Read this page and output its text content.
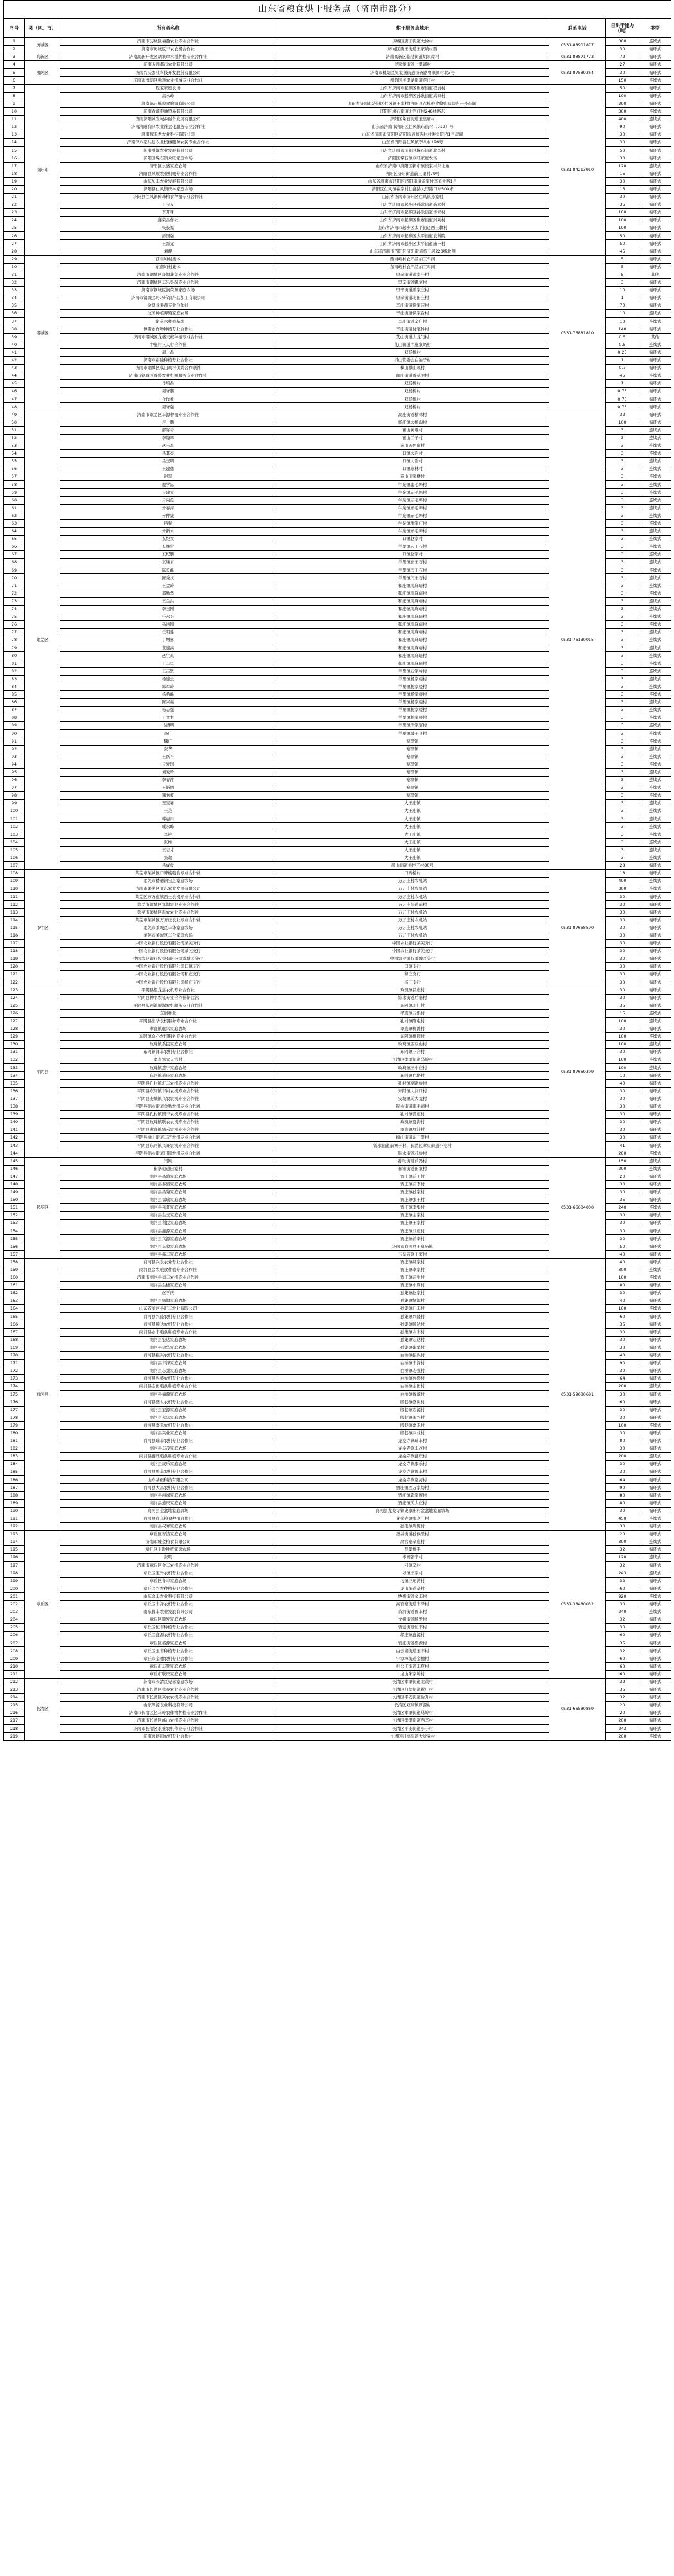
山东省粮食烘干服务点（济南市部分）						
序号	县（区、市）	所有者名称	烘干服务点地址	联系电话	日烘干能力（吨）	类型
1	历城区	济南市历城区福盈农业专业合作社	历城区唐王街道大徐村	0531-88901877	300	连续式
2		济南市历城区丰农农机合作社	历城区唐王街道王家坡村西		30	循环式
3	高新区	济南高新开发区胡家岸水稻种植专业合作社	济南高新区临港街道胡家岸村	0531-88871773	72	循环式
4	槐荫区	济南五洲都市农业有限公司	吴家堡街道七里铺村	0531-87589364	27	循环式
5		济南兴沃农业科技开发股份有限公司	济南市槐荫区吴家堡街道济齐路曹家圈村北3号		30	循环式
6		济南市槐荫区舜耕农业机械专业合作社	槐荫区美里湖街道范庄村		150	连续式
7	济阳市	程家家庭农场	山东省济南市起步区崔寨街道程袁村	0531-84213910	50	循环式
8		高永峰	山东省济南市起步区孙耿街道高家村		100	循环式
9		济南陈召栋粮食购销有限公司	山东省济南市济阳区仁风镇王家村(济阳县召栋粮食收购站院内一号车间)		200	循环式
10		济南春源粮油贸易有限公司	济阳区垛石街道北官庄村248线路东		300	连续式
11		济南济阳城发城乡融合发展有限公司	济阳区垛石街道玉皇庙村		400	连续式
12		济南济阳润泽农业社会化服务专业合作社	山东省济南市济阳区仁风镇东街村（919）号		90	循环式
13		济南稼禾香农业科技有限公司	山东省济南市济阳区济阳街道葛店村村委会院内1号房间		30	循环式
14		济南李八家共建农业机械服务农民专业合作社	山东省济阳县仁风镇李八村196号		30	循环式
15		济南胜源农业发展有限公司	山东省济南市济阳区垛石街道北辛村		50	循环式
16		济阳区垛石镇众旺家庭农场	济阳区垛石镇众旺家庭农场		30	循环式
17		济阳区永盛家庭农场	山东省济南市济阳区新市镇段家村东北角		120	连续式
18		济阳县风顺农业机械专业合作社	济阳区济阳街道前三里村79号		15	循环式
19		山东旭丰农业发展有限公司	山东省济南市济阳区济阳街道孟家村李美生路1号		30	循环式
20		济阳县仁风镇庆林家庭农场	济阳区仁风镇翟家村仁鑫路大里路口东500米		15	循环式
21		济阳县仁风镇传珠粮食种植专业合作社	山东省济南市济阳区仁风镇孙家村		30	循环式
22		王宝友	山东省济南市起步区孙耿街道高家村		35	循环式
23		李开珠	山东省济南市起步区孙耿街道卞家村		100	循环式
24		鑫荣合作社	山东省济南市起步区崔寨街道封刘村		100	循环式
25		张长福	山东省济南市起步区太平街道西三教村		100	循环式
26		彭国强	山东省济南市起步区太平街道农科院		50	循环式
27		王晋元	山东省济南市起步区太平街道庙一村		50	循环式
28		刘静	山东省济南市济阳区济阳街道苟王居220线北侧		45	循环式
29	钢城区	西当峪村集体	西当峪村农产品加工车间	0531-76881810	5	循环式
30		东南峪村集体	东南峪村农产品加工车间		5	循环式
31		济南市钢城区康源蔬菜专业合作社	里辛街道黄家洼村		5	其他
32		济南市钢城区丰乐果蔬专业合作社	里辛街道瓤萝村		3	循环式
33		济南市钢城区润荣源家庭农场	里辛街道潘家庄村		10	循环式
34		济南市钢城区巧巧乐农产品加工有限公司	里辛街道北田庄村		1	循环式
35		金盘龙果蔬专业合作社	辛庄街道徐家店村		70	循环式
36		汶园种植养殖家庭农场	辛庄街道侯家台村		10	连续式
37		一诺苗木种植基地	辛庄街道辛庄村		10	连续式
38		傅雷农作物种植专业合作社	辛庄街道付宅科村		140	循环式
39		济南市钢城区龙盛天椒种植专业合作社	艾山街道大龙门村		0.5	其他
40		中施村三人行合作社	艾山街道中施家峪村		0.5	连续式
41		周士昌	双杨桥村		0.25	循环式
42		济南市裕隆种植专业合作社	棋山管委会白冶子村		1	循环式
43		济南市钢城区棋山观村供销合作联社	棋山棋山观村		0.7	循环式
44		济南市钢城区莲盛农业机械服务专业合作社	颜庄街道莲花池村		45	连续式
45		肖培昌	双杨桥村		1	循环式
46		周守鹏	双杨桥村		0.75	循环式
47		合作社	双杨桥村		0.75	循环式
48		周守强	双杨桥村		0.75	循环式
49	莱芜区	济南市莱芜区丰源种植专业合作社	高庄街道榆林村	0531-76130015	32	循环式
50		卢士鹏	杨庄镇大桥沟村		100	循环式
51		邵际奇	苗山灰堆村		3	连续式
52		李隆翠	苗山兰子村		3	连续式
53		赵玉昌	苗山五色崖村		3	连续式
54		吕其亮	口镇大冶村		3	连续式
55		吕玉明	口镇大冶村		3	连续式
56		王建德	口镇陈林村		3	连续式
57		赵军	苗山田家楼村		3	连续式
58		鹿学忠	牛泉镇鹿毛埠村		3	连续式
59		亓建立	牛泉镇亓毛埠村		3	连续式
60		亓向伦	牛泉镇亓毛埠村		3	连续式
61		亓春海	牛泉镇亓毛埠村		3	连续式
62		亓仲诚	牛泉镇亓毛埠村		3	连续式
63		吕强	牛泉镇蒲家庄村		3	连续式
64		亓新水	牛泉镇亓毛埠村		3	连续式
65		玄纪文	口镇赵家村		3	连续式
66		玄继常	羊里镇玄王石村		3	连续式
67		玄纪鹏	口镇赵家村		3	连续式
68		玄继青	羊里镇玄王石村		3	连续式
69		陈长峰	羊里镇闫王石村		3	连续式
70		陈秀文	羊里镇闫王石村		3	连续式
71		王金玲	和庄镇南麻峪村		3	连续式
72		邢勤华	和庄镇南麻峪村		3	连续式
73		王金洪	和庄镇南麻峪村		3	连续式
74		李玉刚	和庄镇南麻峪村		3	连续式
75		任永兴	和庄镇南麻峪村		3	连续式
76		孙洪刚	和庄镇南麻峪村		3	连续式
77		任明建	和庄镇南麻峪村		3	连续式
78		丁增勇	和庄镇南麻峪村		3	连续式
79		董建高	和庄镇南麻峪村		3	连续式
80		赵生东	和庄镇南麻峪村		3	连续式
81		王丰勇	和庄镇南麻峪村		3	连续式
82		王吉贤	羊里镇石家岭村		3	连续式
83		杨建云	羊里镇杨家楼村		3	连续式
84		郭军玲	羊里镇杨家楼村		3	连续式
85		杨希峰	羊里镇杨家楼村		3	连续式
86		陈兴福	羊里镇杨家楼村		3	连续式
87		杨志强	羊里镇杨家楼村		3	连续式
88		王文哲	羊里镇杨家楼村		3	连续式
89		马清明	羊里镇李家寨村		3	连续式
90		李广	羊里镇城子县村		3	连续式
91		魏广	寨里镇		3	连续式
92		张华	寨里镇		3	连续式
93		王跃平	寨里镇		3	连续式
94		亓爱国	寨里镇		3	连续式
95		刘爱玲	寨里镇		3	连续式
96		李春萍	寨里镇		3	连续式
97		王新明	寨里镇		3	连续式
98		魏秀枝	寨里镇		3	连续式
99		安宝祥	大王庄镇		3	连续式
100		王芝	大王庄镇		3	连续式
101		韩惠川	大王庄镇		3	连续式
102		嵊永峰	大王庄镇		3	连续式
103		李艳	大王庄镇		3	连续式
104		张维	大王庄镇		3	连续式
105		王志才	大王庄镇		3	连续式
106		张超	大王庄镇		3	连续式
107		吕成俊	颜山街道羊栏子村80号		28	循环式
108	市中区	莱芜市莱城区口碑楼粮食专业合作社	口碑楼村	0531-87668590	18	循环式
109		莱芜市楼德镇宝芝家庭农场	万万庄村农机站		400	连续式
110		济南市莱芜区亚东农业发展有限公司	万万庄村农机站		300	连续式
111		莱芜区万万庄镇西土农机专业合作社	万万庄村农机站		30	循环式
112		莱芜市莱城区富源农业专业合作社	万万庄街道前村		30	循环式
113		莱芜市莱城区新农农业专业合作社	万万庄村农机站		30	循环式
114		莱芜市莱城区万万庄农业专业合作社	万万庄村农机站		30	循环式
115		莱芜市莱城区丰华家庭农场	万万庄村农机站		30	循环式
116		莱芜市莱城区丰合家庭农场	万万庄村农机站		30	循环式
117		中国农业银行股份有限公司莱芜分行	中国农业银行莱芜分行		30	循环式
118		中国农业银行股份有限公司莱芜支行	中国农业银行莱芜支行		30	循环式
119		中国农业银行股份有限公司莱城区分行	中国农业银行莱城区分行		30	循环式
120		中国农业银行股份有限公司口镇支行	口镇支行		30	循环式
121		中国农业银行股份有限公司和庄支行	和庄支行		30	循环式
122		中国农业银行股份有限公司杨庄支行	杨庄支行		30	循环式
123	平阴县	平阴县望龙远农机专业合作社	玫瑰镇吕庄村	0531-87669399	30	循环式
124		平阴县神平农机专业合作社靳启铭	锦水街道后寨村		30	循环式
125		平阴县东阿镇顺源农机服务专业合作社	东阿镇北门村		35	循环式
126		东润种业	孝直镇亓集村		15	连续式
127		平阴县润华农机服务专业合作社	孔村镇陈屯村		100	连续式
128		孝直镇航兴家庭农场	孝直镇柳滩村		30	循环式
129		东阿镇众心农机服务专业合作社	东阿镇桃园村		100	连续式
130		玫瑰镇系民家庭农场	玫瑰镇西豆山村		100	连续式
131		东阿镇祥丰农机专业合作社	东阿镇三合村		30	循环式
132		孝直镇大天宫村	长清区孝里街道马岭村		100	连续式
133		玫瑰镇慧宁家庭农场	玫瑰镇王小庄村		100	连续式
134		东阿镇道庆家庭农场	东阿镇白塔村		10	循环式
135		平阴县孔村镇汇丰农机专业合作社	孔村镇高路桥村		40	循环式
136		平阴县东阿镇丰裕农机专业合作社	东阿镇大河口村		30	循环式
137		平阴县安城镇兴农农机专业合作社	安城镇前大荒村		30	循环式
138		平阴县锦水街道金秋农机专业合作社	锦水街道南毛铺村		30	循环式
139		平阴县孔村镇国丰农机专业合作社	孔村镇郭庄村		30	循环式
140		平阴县玫瑰镇联农农机专业合作社	玫瑰镇夏沟村		30	循环式
141		平阴县孝直镇绿禾农机专业合作社	孝直镇展洼村		30	循环式
142		平阴县榆山街道丰产农机专业合作社	榆山街道东三里村		30	循环式
143		平阴县东阿镇兴旺农机专业合作社	锦水街道前寨子村、长清区孝里街道小屯村		41	循环式
144		平阴县锦水街道田园农机专业合作社	锦水街道苏桥村		200	连续式
145	起步区	闫刚	孙耿街道前冯村	0531-66604000	150	连续式
146		崔寨街道田家村	崔寨街道田家村		200	连续式
147		商河县昌盛家庭农场	贾庄镇前王村		20	循环式
148		商河县泰盛家庭农场	贾庄镇前李村		30	循环式
149		商河县昌隆家庭农场	贾庄镇孙家村		30	循环式
150		商河县福瑞家庭农场	贾庄镇张王村		35	循环式
151		商河县兴旺家庭农场	贾庄镇李集村		240	连续式
152		商河县金玉家庭农场	贾庄镇金家村		30	循环式
153		商河县利民家庭农场	贾庄镇王家村		30	循环式
154		商河县鑫源家庭农场	贾庄镇刘庄村		30	循环式
155		商河县兴源家庭农场	贾庄镇前辛村		30	循环式
156		商河县丰收家庭农场	济南市商河县玉皇庙镇		50	循环式
157		商河县鑫丰家庭农场	玉皇庙镇王家村		40	循环式
158	商河县	商河县兴农农业专业合作社	贾庄镇郝家村	0531-59680681	40	循环式
159		商河县金农粮食种植专业合作社	贾庄镇李家村		300	连续式
160		济南市商河县德丰农机专业合作社	贾庄镇前张村		100	连续式
161		商河县金穗家庭农场	贾庄镇小周村		80	循环式
162		赵学庆	孙集镇赵家村		30	循环式
163		商河县绿源家庭农场	孙集镇绿源村		40	循环式
164		山东省商河县汇丰农业有限公司	孙集镇汇丰村		100	连续式
165		商河县兴隆农机专业合作社	孙集镇兴隆村		60	循环式
166		商河县顺达农机专业合作社	孙集镇顺达村		35	循环式
167		商河县农丰粮食种植专业合作社	孙集镇农丰村		30	循环式
168		商河县宏达家庭农场	孙集镇宏达村		30	循环式
169		商河县建华家庭农场	孙集镇建华村		30	循环式
170		商河县振兴农机专业合作社	白桥镇振兴村		40	循环式
171		商河县丰泽家庭农场	白桥镇丰泽村		90	循环式
172		商河县志强家庭农场	白桥镇志强村		30	循环式
173		商河县兴盛农机专业合作社	白桥镇兴盛村		64	循环式
174		商河县金田粮食种植专业合作社	白桥镇金田村		200	连续式
175		商河县福源家庭农场	白桥镇福源村		30	循环式
176		商河县盛世农机专业合作社	殷巷镇盛世村		60	循环式
177		商河县宏源家庭农场	殷巷镇宏源村		30	循环式
178		商河县永兴家庭农场	殷巷镇永兴村		30	循环式
179		商河县嘉禾农机专业合作社	殷巷镇嘉禾村		100	连续式
180		商河县兴业家庭农场	殷巷镇兴业村		30	循环式
181		商河县瑞丰农机专业合作社	龙桑寺镇瑞丰村		80	循环式
182		商河县丰茂家庭农场	龙桑寺镇丰茂村		30	循环式
183		商河县鑫旺粮食种植专业合作社	龙桑寺镇鑫旺村		200	连续式
184		商河县康乐家庭农场	龙桑寺镇康乐村		30	循环式
185		商河县鲁丰农机专业合作社	龙桑寺镇鲁丰村		30	循环式
186		山东基础科技有限公司	龙桑寺镇宽河村		64	循环式
187		商河县大昌农机专业合作社	贾庄镇西万家坊村		90	循环式
188		商河县丙禄家庭农场	贾庄镇郭家庵村		80	循环式
189		商河县道庆家庭农场	贾庄镇前大庄村		80	循环式
190		商河县金盆地家庭农场	商河县龙桑寺镇史家庙村金盆地家庭农场		30	循环式
191		商河县商东粮食种植合作社	龙桑寺镇张老庄村		450	连续式
192		商河县叔寒家庭农场	孙集镇周陈村		30	循环式
193	章丘区	章丘区智洁家庭农场	圣井街道孙侯里村	0531-38480032	20	循环式
194		济南市臻金粮食有限公司	高官寨辛庄村		300	连续式
195		章丘区玉聆种植家庭农场	普集博平		32	循环式
196		张明	枣园张辛村		120	连续式
197		济南市章丘区金丰农机专业合作社	刁镇辛村		32	循环式
198		章丘区宝升农机专业合作社	刁镇王家村		243	连续式
199		章丘区鲁丰家庭农场	刁镇三角湾村		32	循环式
200		章丘区兴农种植专业合作社	龙山街道辛村		60	循环式
201		山东金丰农业科技有限公司	绣惠街道金丰村		920	连续式
202		章丘区丰泽农机专业合作社	高官寨街道丰泽村		30	循环式
203		山东鲁丰农业发展有限公司	黄河街道鲁丰村		240	连续式
204		章丘区顺发家庭农场	文祖街道顺发村		32	循环式
205		章丘区恒丰种植专业合作社	曹范街道恒丰村		30	循环式
206		章丘区鑫源农机专业合作社	垛庄镇鑫源村		60	循环式
207		章丘区盛源家庭农场	官庄街道盛源村		35	循环式
208		章丘区玉丰种植专业合作社	白云湖街道玉丰村		32	循环式
209		章丘市金穗农机专业合作社	宁家埠街道金穗村		60	循环式
210		章丘市丰登家庭农场	相公庄街道丰登村		60	循环式
211		章丘市联庆家庭农场	龙山朱家埠村		60	循环式
212	长清区	济南市长清区兄弟家庭农场	长清区孝里街道北黄村	0531-66580869	32	循环式
213		济南市长清区祥泰农业专业合作社	长清区归德街道翟庄村		35	循环式
214		济南市长清区兴农农机专业合作社	长清区平安街道后升村		32	循环式
215		山东厚源农业科技有限公司	长清区双泉镇厚源村		20	循环式
216		济南市长清区忆马岭农作物种植专业合作社	长清区孝里街道马岭村		20	循环式
217		济南市长清区峰山农机专业合作社	长清区孝里街道西辛村		200	循环式
218		济南市长清区永盛农机作业专业合作社	长清区平安街道小于村		243	循环式
219		济南喜耕田农机专业合作社	长清区归德街道大觉寺村		200	连续式
